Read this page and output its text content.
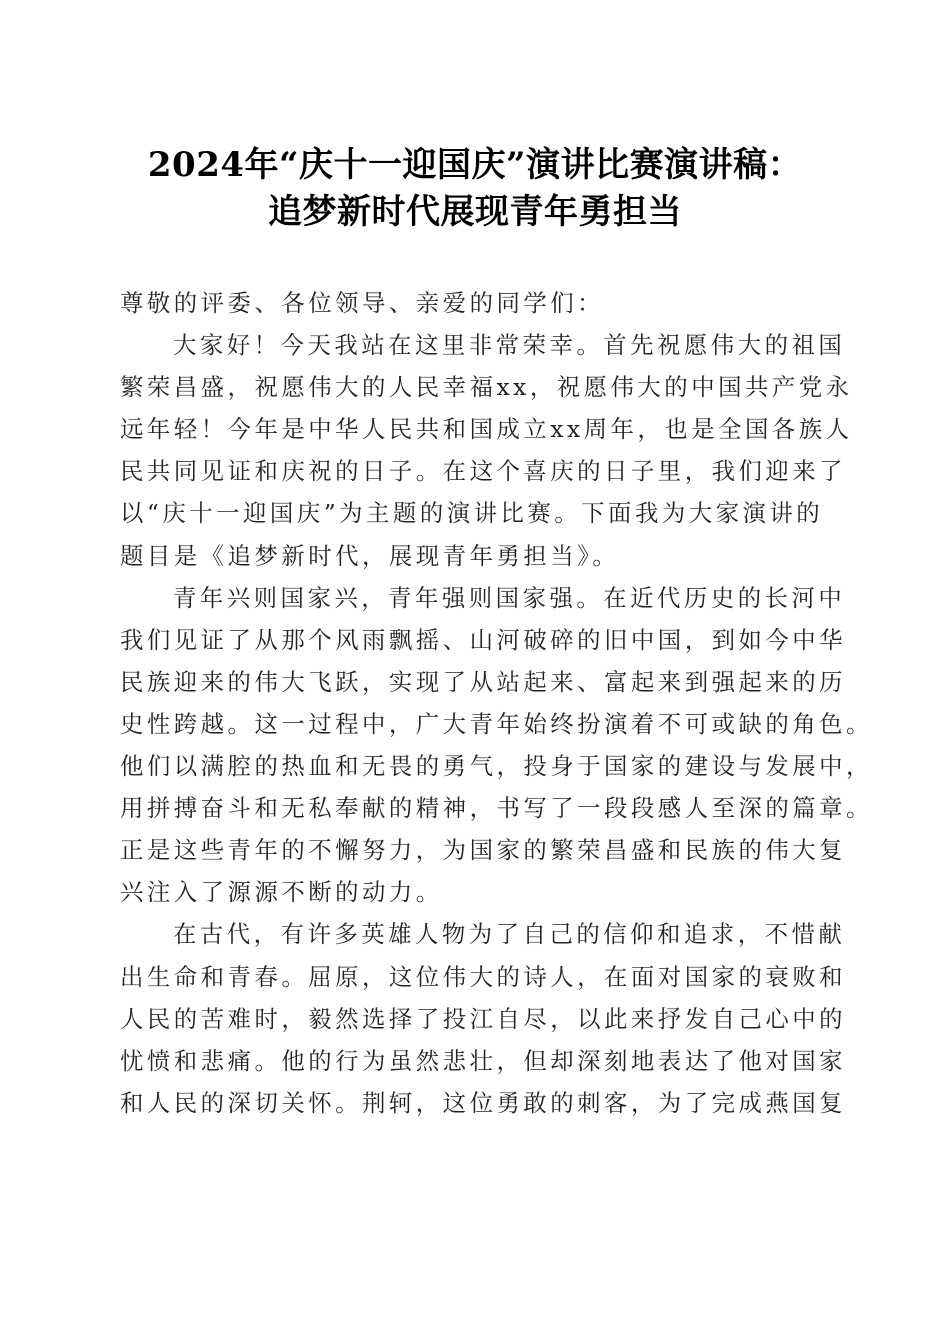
2024年“庆十一迎国庆”演讲比赛演讲稿：
追梦新时代展现青年勇担当
尊敬的评委、各位领导、亲爱的同学们：
大家好！今天我站在这里非常荣幸。首先祝愿伟大的祖国
繁荣昌盛，祝愿伟大的人民幸福xx，祝愿伟大的中国共产党永
远年轻！今年是中华人民共和国成立xx周年，也是全国各族人
民共同见证和庆祝的日子。在这个喜庆的日子里，我们迎来了
以“庆十一迎国庆”为主题的演讲比赛。下面我为大家演讲的
题目是《追梦新时代，展现青年勇担当》。
青年兴则国家兴，青年强则国家强。在近代历史的长河中
我们见证了从那个风雨飘摇、山河破碎的旧中国，到如今中华
民族迎来的伟大飞跃，实现了从站起来、富起来到强起来的历
史性跨越。这一过程中，广大青年始终扮演着不可或缺的角色。
他们以满腔的热血和无畏的勇气，投身于国家的建设与发展中，
用拼搏奋斗和无私奉献的精神，书写了一段段感人至深的篇章。
正是这些青年的不懈努力，为国家的繁荣昌盛和民族的伟大复
兴注入了源源不断的动力。
在古代，有许多英雄人物为了自己的信仰和追求，不惜献
出生命和青春。屈原，这位伟大的诗人，在面对国家的衰败和
人民的苦难时，毅然选择了投江自尽，以此来抒发自己心中的
忧愤和悲痛。他的行为虽然悲壮，但却深刻地表达了他对国家
和人民的深切关怀。荆轲，这位勇敢的刺客，为了完成燕国复
